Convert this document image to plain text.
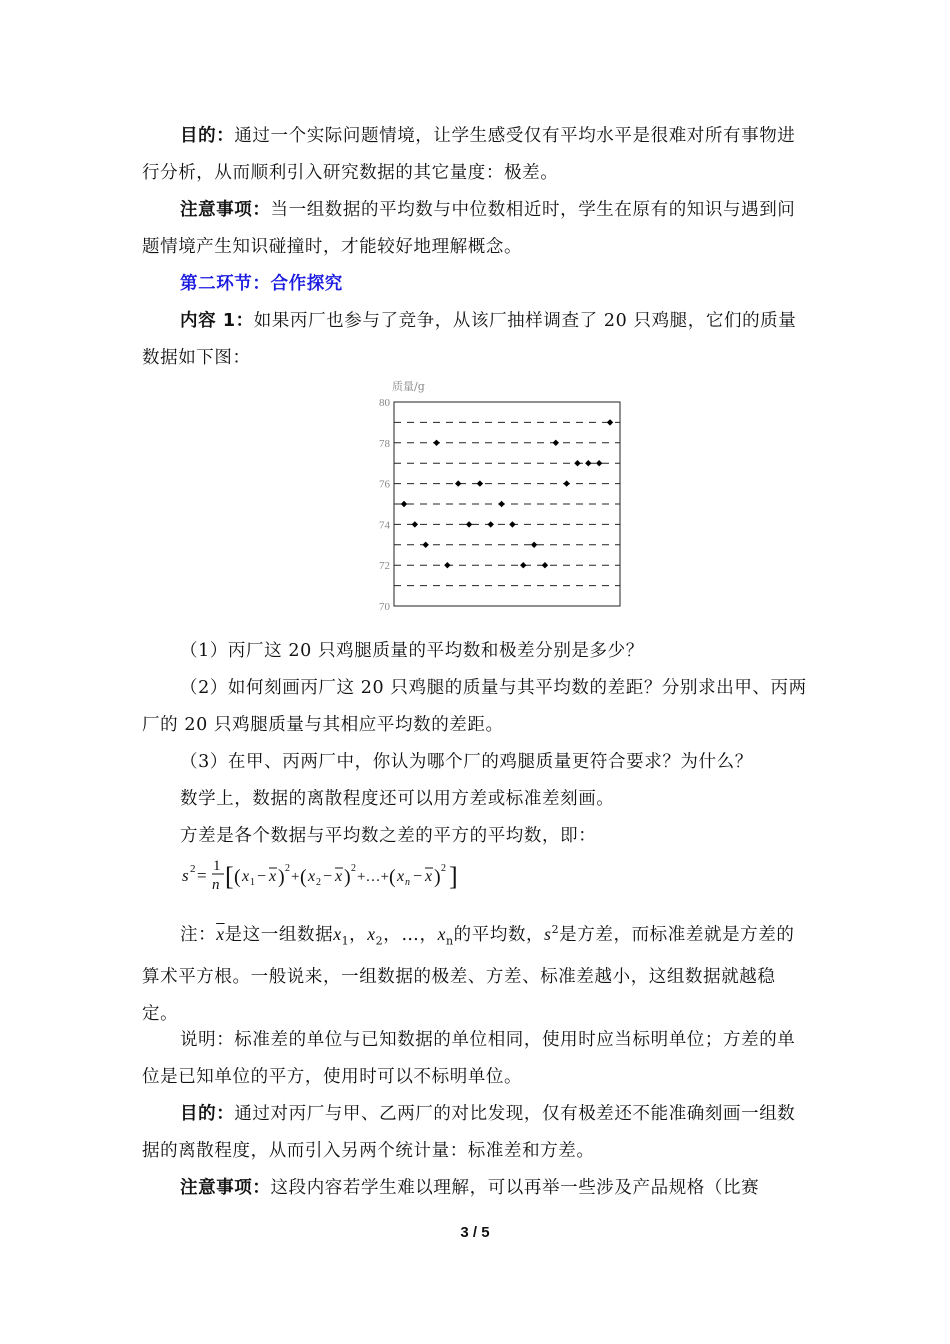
目的：通过一个实际问题情境，让学生感受仅有平均水平是很难对所有事物进行分析，从而顺利引入研究数据的其它量度：极差。
注意事项：当一组数据的平均数与中位数相近时，学生在原有的知识与遇到问题情境产生知识碰撞时，才能较好地理解概念。
第二环节：合作探究
内容 1：如果丙厂也参与了竞争，从该厂抽样调查了 20 只鸡腿，它们的质量数据如下图：
70
72
74
76
78
80
质量/g
（1）丙厂这 20 只鸡腿质量的平均数和极差分别是多少？
（2）如何刻画丙厂这 20 只鸡腿的质量与其平均数的差距？分别求出甲、丙两厂的 20 只鸡腿质量与其相应平均数的差距。
（3）在甲、丙两厂中，你认为哪个厂的鸡腿质量更符合要求？为什么？
数学上，数据的离散程度还可以用方差或标准差刻画。
方差是各个数据与平均数之差的平方的平均数，即：
s 2 = 1
n [ ( x 1 − x ) 2
+ ( x 2 − x ) 2
+…+ ( x n − x ) 2 ]
注：$\overline{x}$是这一组数据$x_1$，$x_2$，…，$x_n$的平均数，$s^2$是方差，而标准差就是方差的算术平方根。一般说来，一组数据的极差、方差、标准差越小，这组数据就越稳定。
说明：标准差的单位与已知数据的单位相同，使用时应当标明单位；方差的单位是已知单位的平方，使用时可以不标明单位。
目的：通过对丙厂与甲、乙两厂的对比发现，仅有极差还不能准确刻画一组数据的离散程度，从而引入另两个统计量：标准差和方差。
注意事项：这段内容若学生难以理解，可以再举一些涉及产品规格（比赛
3 / 5
